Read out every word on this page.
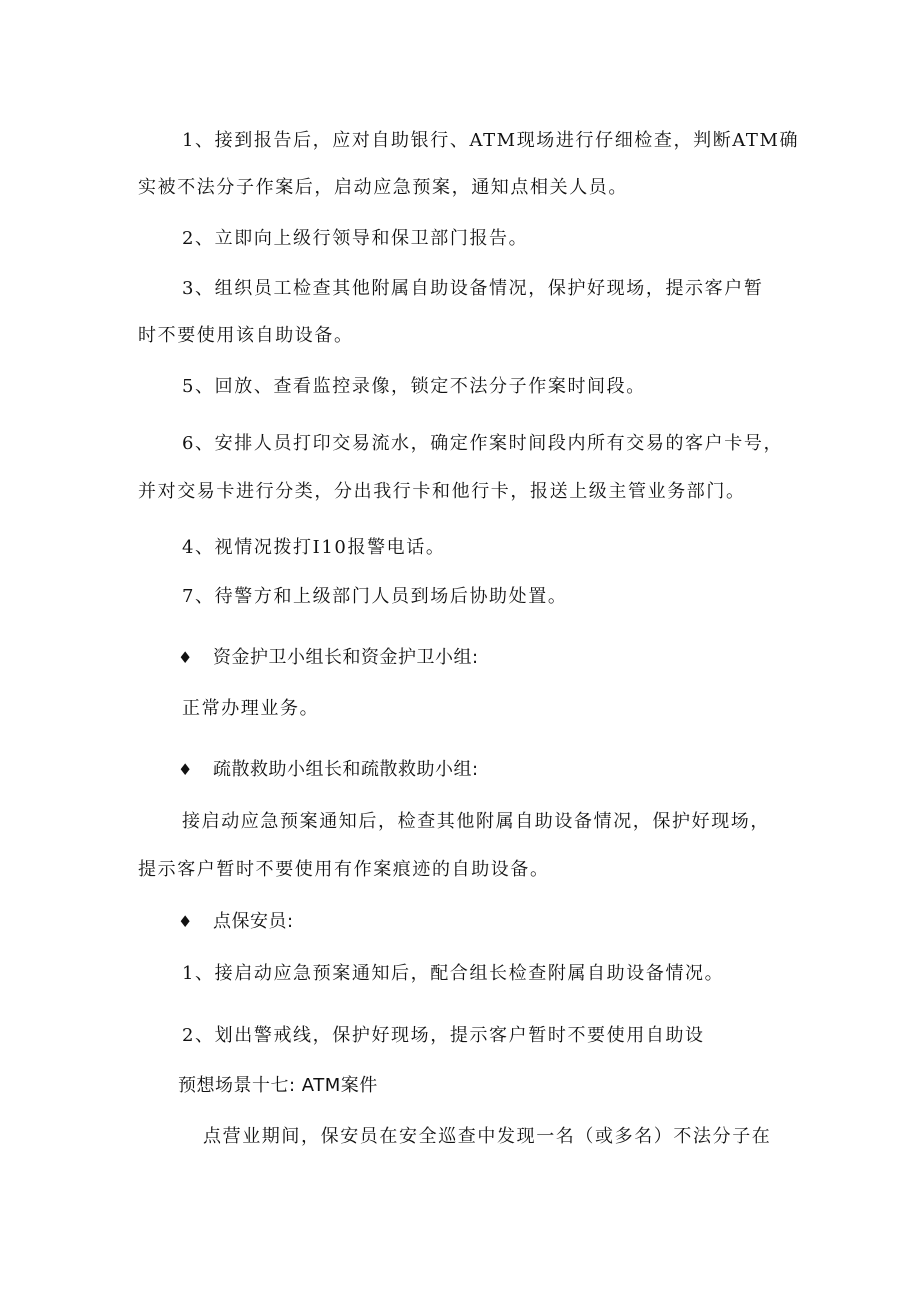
1、接到报告后，应对自助银行、ATM现场进行仔细检查，判断ATM确
实被不法分子作案后，启动应急预案，通知点相关人员。
2、立即向上级行领导和保卫部门报告。
3、组织员工检查其他附属自助设备情况，保护好现场，提示客户暂
时不要使用该自助设备。
5、回放、查看监控录像，锁定不法分子作案时间段。
6、安排人员打印交易流水，确定作案时间段内所有交易的客户卡号，
并对交易卡进行分类，分出我行卡和他行卡，报送上级主管业务部门。
4、视情况拨打I10报警电话。
7、待警方和上级部门人员到场后协助处置。
♦ 资金护卫小组长和资金护卫小组:
正常办理业务。
♦ 疏散救助小组长和疏散救助小组:
接启动应急预案通知后，检查其他附属自助设备情况，保护好现场，
提示客户暂时不要使用有作案痕迹的自助设备。
♦ 点保安员:
1、接启动应急预案通知后，配合组长检查附属自助设备情况。
2、划出警戒线，保护好现场，提示客户暂时不要使用自助设
预想场景十七: ATM案件
点营业期间，保安员在安全巡查中发现一名（或多名）不法分子在
